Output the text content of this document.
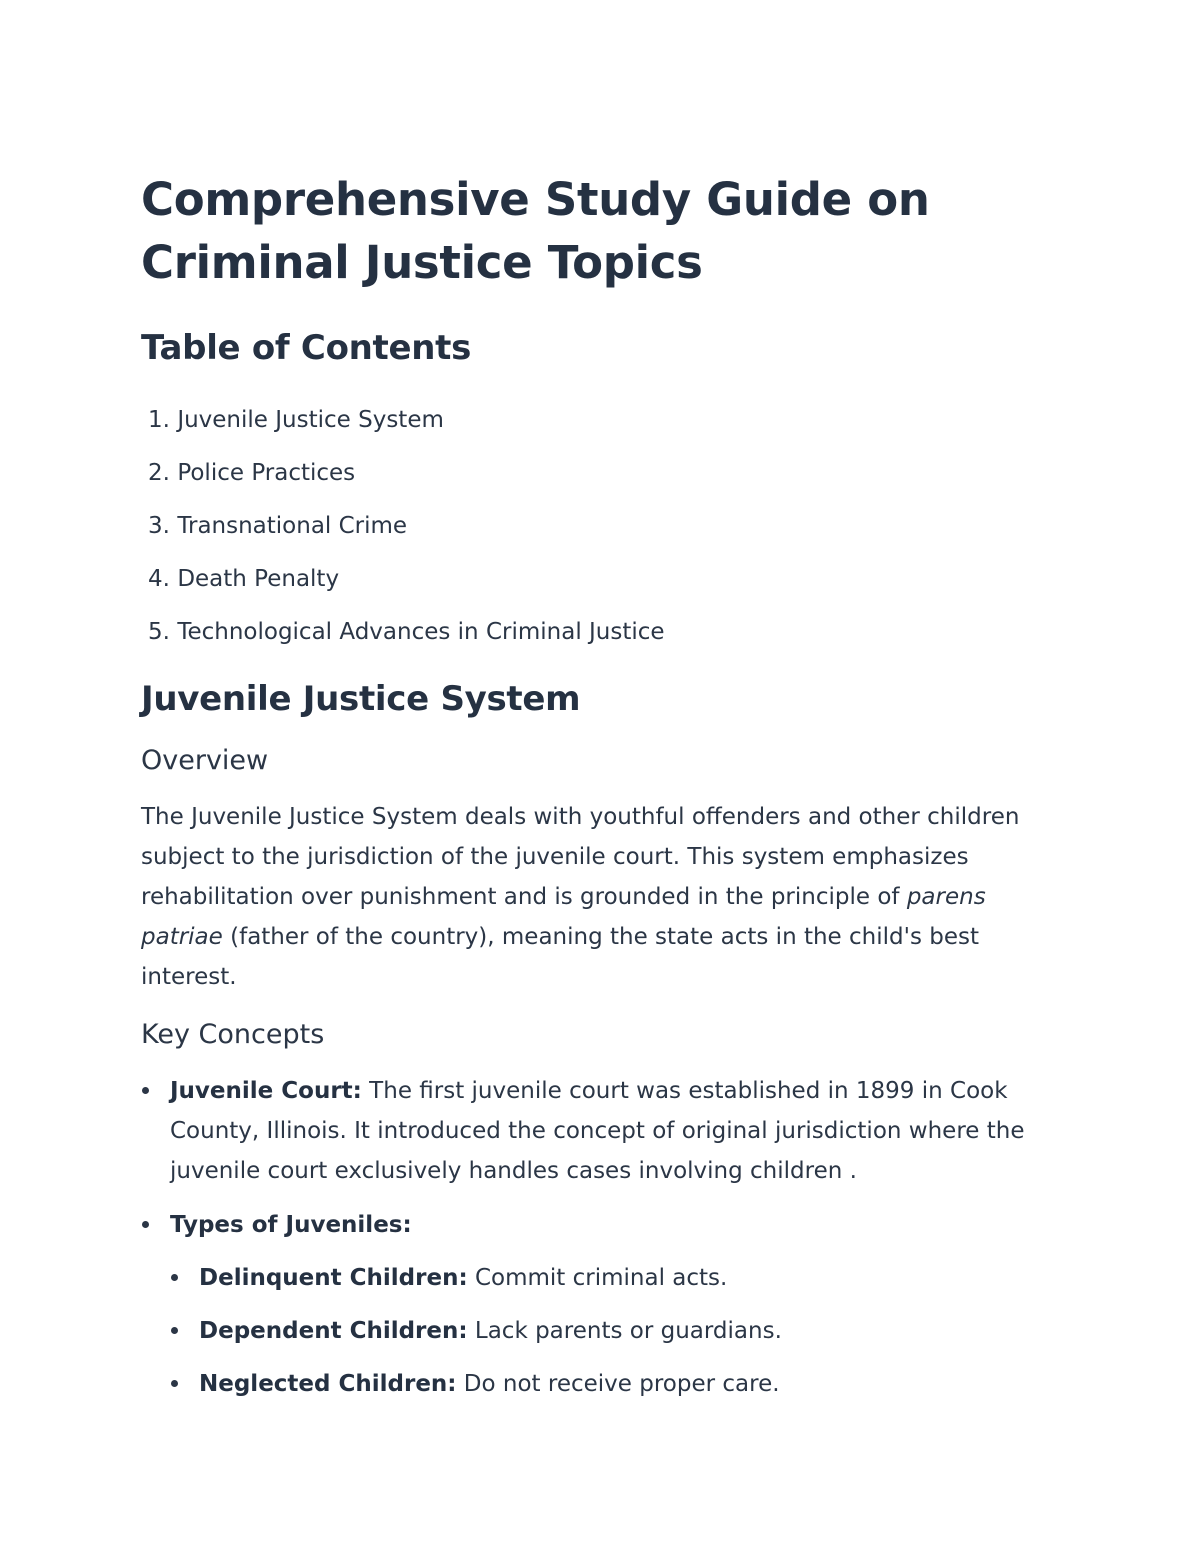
Comprehensive Study Guide on Criminal Justice Topics
Table of Contents
1. Juvenile Justice System
2. Police Practices
3. Transnational Crime
4. Death Penalty
5. Technological Advances in Criminal Justice
Juvenile Justice System
Overview

The Juvenile Justice System deals with youthful offenders and other children subject to the jurisdiction of the juvenile court. This system emphasizes rehabilitation over punishment and is grounded in the principle of parens patriae (father of the country), meaning the state acts in the child's best interest.

Key Concepts
Juvenile Court: The first juvenile court was established in 1899 in Cook County, Illinois. It introduced the concept of original jurisdiction where the juvenile court exclusively handles cases involving children .
Types of Juveniles:
Delinquent Children: Commit criminal acts.
Dependent Children: Lack parents or guardians.
Neglected Children: Do not receive proper care.
